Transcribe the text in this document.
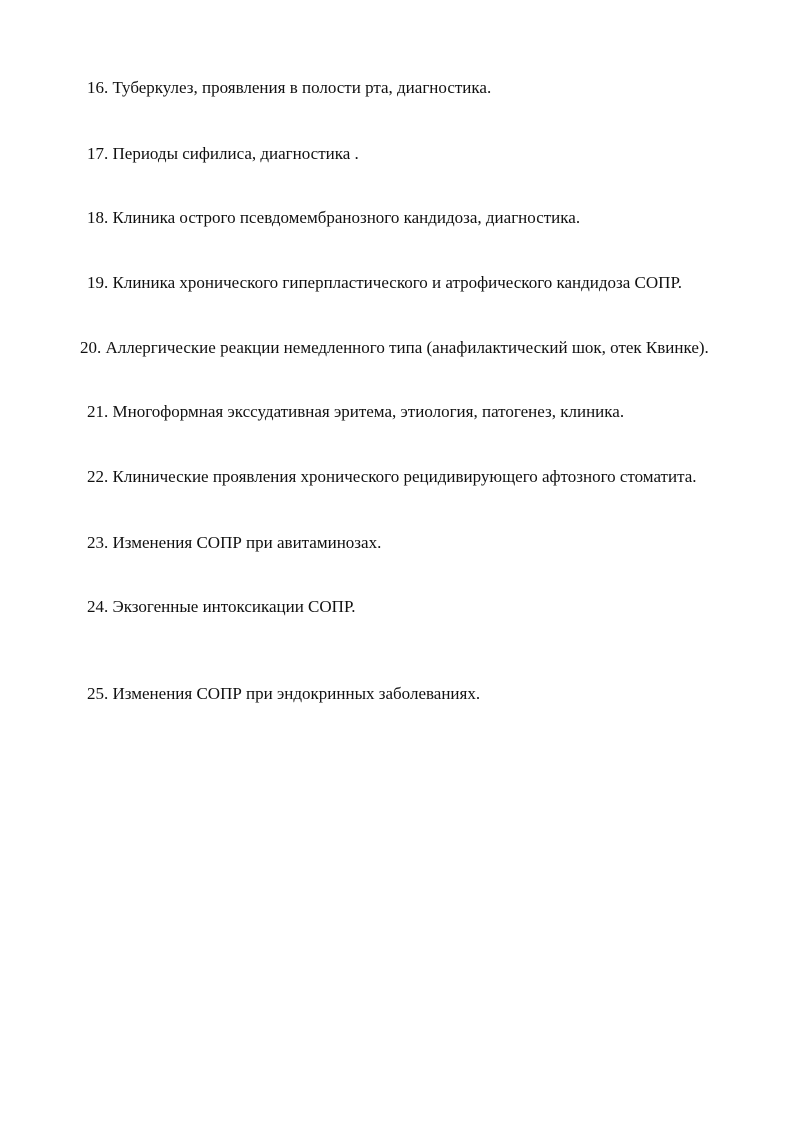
16. Туберкулез, проявления в полости рта, диагностика.
17. Периоды сифилиса, диагностика .
18. Клиника острого псевдомембранозного кандидоза, диагностика.
19. Клиника хронического гиперпластического и атрофического кандидоза СОПР.
20. Аллергические реакции немедленного типа (анафилактический шок, отек Квинке).
21. Многоформная экссудативная эритема, этиология, патогенез, клиника.
22. Клинические проявления хронического рецидивирующего афтозного стоматита.
23. Изменения СОПР при авитаминозах.
24. Экзогенные интоксикации СОПР.
25. Изменения СОПР при эндокринных заболеваниях.
